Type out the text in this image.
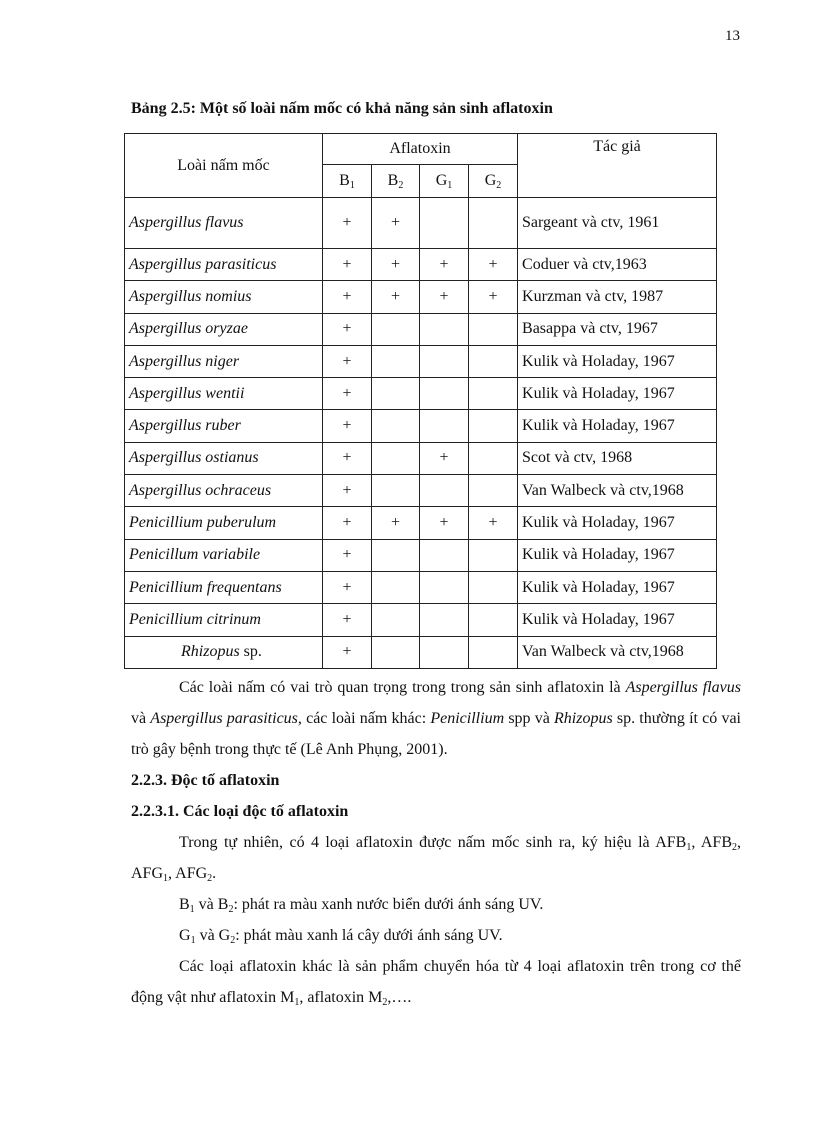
13
Bảng 2.5: Một số loài nấm mốc có khả năng sản sinh aflatoxin
Loài nấm mốc	Aflatoxin				Tác giả
	$B_1$	$B_2$	$G_1$	$G_2$
Aspergillus flavus	+	+			Sargeant và ctv, 1961
Aspergillus parasiticus	+	+	+	+	Coduer và ctv,1963
Aspergillus nomius	+	+	+	+	Kurzman và ctv, 1987
Aspergillus oryzae	+				Basappa và ctv, 1967
Aspergillus niger	+				Kulik và Holaday, 1967
Aspergillus wentii	+				Kulik và Holaday, 1967
Aspergillus ruber	+				Kulik và Holaday, 1967
Aspergillus ostianus	+		+		Scot và ctv, 1968
Aspergillus ochraceus	+				Van Walbeck và ctv,1968
Penicillium puberulum	+	+	+	+	Kulik và Holaday, 1967
Penicillum variabile	+				Kulik và Holaday, 1967
Penicillium frequentans	+				Kulik và Holaday, 1967
Penicillium citrinum	+				Kulik và Holaday, 1967
Rhizopus sp.	+				Van Walbeck và ctv,1968
Các loài nấm có vai trò quan trọng trong trong sản sinh aflatoxin là Aspergillus flavus và Aspergillus parasiticus, các loài nấm khác: Penicillium spp và Rhizopus sp. thường ít có vai trò gây bệnh trong thực tế (Lê Anh Phụng, 2001).
2.2.3. Độc tố aflatoxin
2.2.3.1. Các loại độc tố aflatoxin
Trong tự nhiên, có 4 loại aflatoxin được nấm mốc sinh ra, ký hiệu là $AFB_1$, $AFB_2$, $AFG_1$, $AFG_2$.
$B_1$ và $B_2$: phát ra màu xanh nước biển dưới ánh sáng UV.
$G_1$ và $G_2$: phát màu xanh lá cây dưới ánh sáng UV.
Các loại aflatoxin khác là sản phẩm chuyển hóa từ 4 loại aflatoxin trên trong cơ thể động vật như aflatoxin $M_1$, aflatoxin $M_2,\dots$.
